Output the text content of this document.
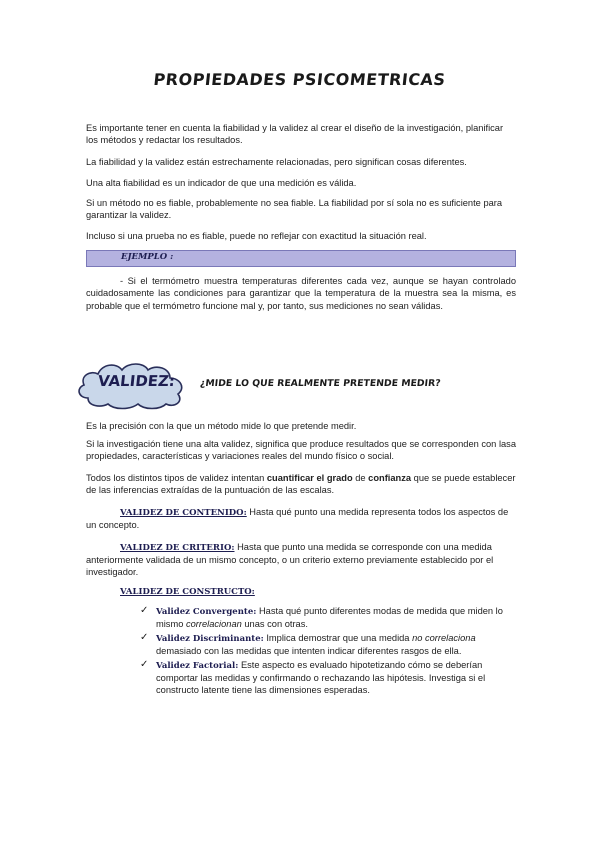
PROPIEDADES PSICOMETRICAS

Es importante tener en cuenta la fiabilidad y la validez al crear el diseño de la investigación, planificar los métodos y redactar los resultados.

La fiabilidad y la validez están estrechamente relacionadas, pero significan cosas diferentes.

Una alta fiabilidad es un indicador de que una medición es válida.

Si un método no es fiable, probablemente no sea fiable. La fiabilidad por sí sola no es suficiente para garantizar la validez.

Incluso si una prueba no es fiable, puede no reflejar con exactitud la situación real.

EJEMPLO :

- Si el termómetro muestra temperaturas diferentes cada vez, aunque se hayan controlado cuidadosamente las condiciones para garantizar que la temperatura de la muestra sea la misma, es probable que el termómetro funcione mal y, por tanto, sus mediciones no sean válidas.

VALIDEZ:	¿MIDE LO QUE REALMENTE PRETENDE MEDIR?

Es la precisión con la que un método mide lo que pretende medir.

Si la investigación tiene una alta validez, significa que produce resultados que se corresponden con lasa propiedades, características y variaciones reales del mundo físico o social.

Todos los distintos tipos de validez intentan cuantificar el grado de confianza que se puede establecer de las inferencias extraídas de la puntuación de las escalas.

VALIDEZ DE CONTENIDO: Hasta qué punto una medida representa todos los aspectos de un concepto.

VALIDEZ DE CRITERIO: Hasta que punto una medida se corresponde con una medida anteriormente validada de un mismo concepto, o un criterio externo previamente establecido por el investigador.

VALIDEZ DE CONSTRUCTO:
✓ Validez Convergente: Hasta qué punto diferentes modas de medida que miden lo mismo correlacionan unas con otras.
✓ Validez Discriminante: Implica demostrar que una medida no correlaciona demasiado con las medidas que intenten indicar diferentes rasgos de ella.
✓ Validez Factorial: Este aspecto es evaluado hipotetizando cómo se deberían comportar las medidas y confirmando o rechazando las hipótesis. Investiga si el constructo latente tiene las dimensiones esperadas.
